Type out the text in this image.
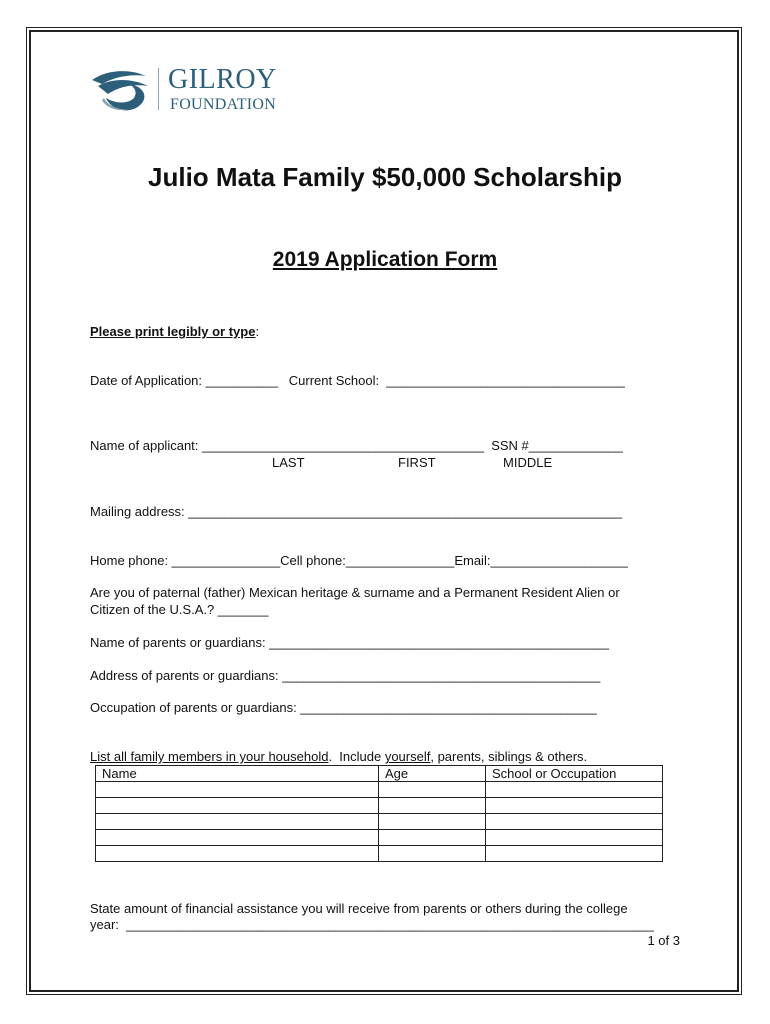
GILROY
FOUNDATION
Julio Mata Family $50,000 Scholarship
2019 Application Form
Please print legibly or type:
Date of Application: __________   Current School:  _________________________________
Name of applicant: _______________________________________  SSN #_____________
LAST	FIRST	MIDDLE
Mailing address: ____________________________________________________________
Home phone: _______________Cell phone:_______________Email:___________________
Are you of paternal (father) Mexican heritage & surname and a Permanent Resident Alien or
Citizen of the U.S.A.? _______
Name of parents or guardians: _______________________________________________
Address of parents or guardians: ____________________________________________
Occupation of parents or guardians: _________________________________________
List all family members in your household.  Include yourself, parents, siblings & others.
Name	Age	School or Occupation

State amount of financial assistance you will receive from parents or others during the college
year:  _________________________________________________________________________
1 of 3
